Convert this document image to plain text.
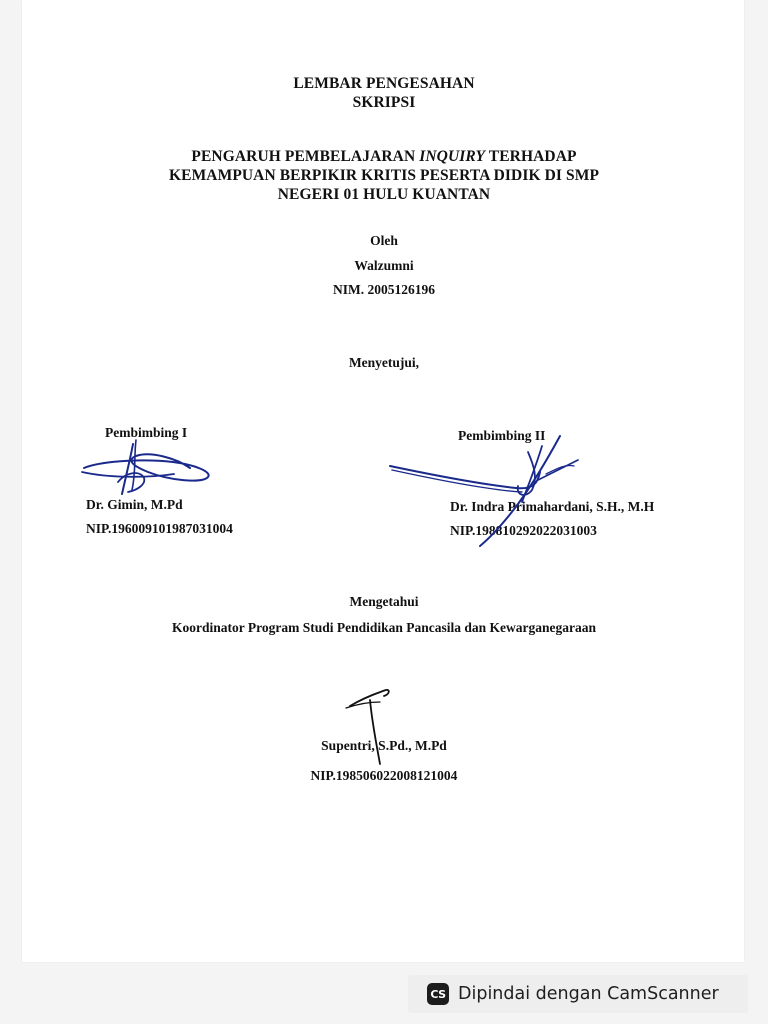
LEMBAR PENGESAHAN
SKRIPSI
PENGARUH PEMBELAJARAN INQUIRY TERHADAP
KEMAMPUAN BERPIKIR KRITIS PESERTA DIDIK DI SMP
NEGERI 01 HULU KUANTAN
Oleh
Walzumni
NIM. 2005126196
Menyetujui,
Pembimbing I
Dr. Gimin, M.Pd
NIP.196009101987031004
Pembimbing II
Dr. Indra Primahardani, S.H., M.H
NIP.198810292022031003
Mengetahui
Koordinator Program Studi Pendidikan Pancasila dan Kewarganegaraan
Supentri, S.Pd., M.Pd
NIP.198506022008121004
CS Dipindai dengan CamScanner
